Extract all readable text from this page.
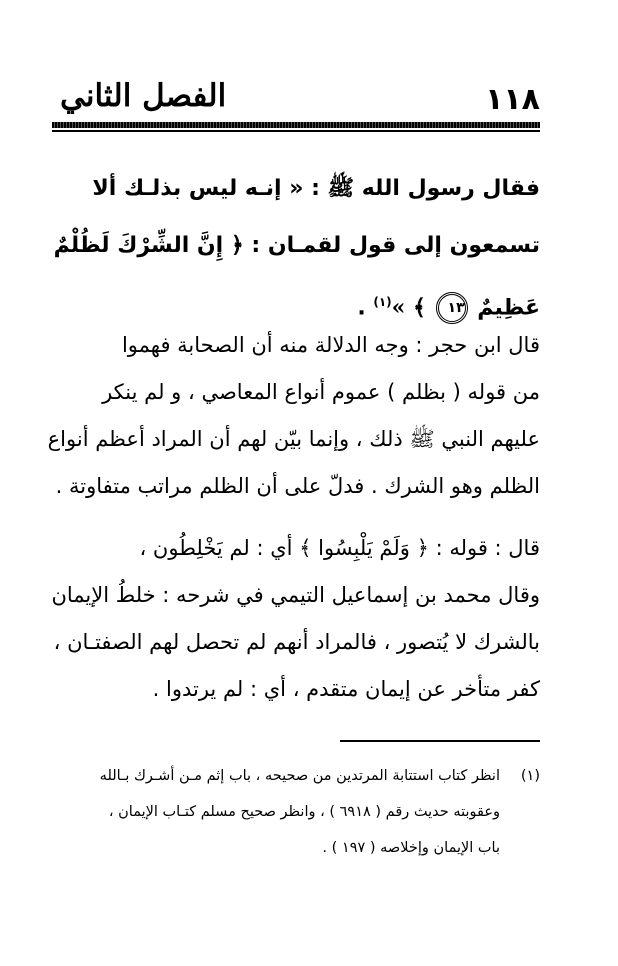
١١٨
الفصل الثاني
فقال رسول الله ﷺ : « إنـه ليس بذلـك ألا
تسمعون إلى قول لقمـان : ﴿ إِنَّ الشِّرْكَ لَظُلْمٌ
عَظِيمٌ ١٣ ﴾ »$^{(١)}$ .
قال ابن حجر : وجه الدلالة منه أن الصحابة فهموا
من قوله ( بظلم ) عموم أنواع المعاصي ، و لم ينكر
عليهم النبي ﷺ ذلك ، وإنما بيّن لهم أن المراد أعظم أنواع
الظلم وهو الشرك . فدلّ على أن الظلم مراتب متفاوتة .
قال : قوله : ﴿ وَلَمْ يَلْبِسُوا ﴾ أي : لم يَخْلِطُون ،
وقال محمد بن إسماعيل التيمي في شرحه : خلطُ الإيمان
بالشرك لا يُتصور ، فالمراد أنهم لم تحصل لهم الصفتـان ،
كفر متأخر عن إيمان متقدم ، أي : لم يرتدوا .
(١)انظر كتاب استتابة المرتدين من صحيحه ، باب إثم مـن أشـرك بـالله
وعقوبته حديث رقم ( ٦٩١٨ ) ، وانظر صحيح مسلم كتـاب الإيمان ،
باب الإيمان وإخلاصه ( ١٩٧ ) .
